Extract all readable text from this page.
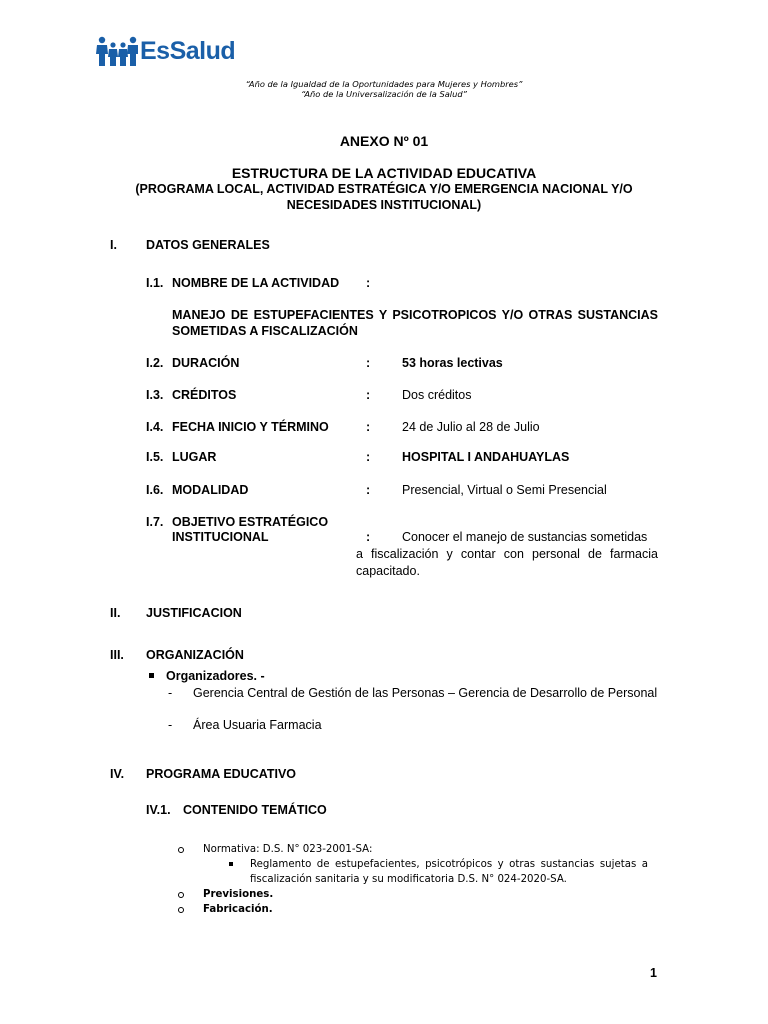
EsSalud
“Año de la Igualdad de la Oportunidades para Mujeres y Hombres”
“Año de la Universalización de la Salud”
ANEXO Nº 01
ESTRUCTURA DE LA ACTIVIDAD EDUCATIVA
(PROGRAMA LOCAL, ACTIVIDAD ESTRATÉGICA Y/O EMERGENCIA NACIONAL Y/O NECESIDADES INSTITUCIONAL)
I. DATOS GENERALES
I.1. NOMBRE DE LA ACTIVIDAD :
MANEJO DE ESTUPEFACIENTES Y PSICOTROPICOS Y/O OTRAS SUSTANCIAS SOMETIDAS A FISCALIZACIÓN
I.2. DURACIÓN	:	53 horas lectivas
I.3. CRÉDITOS	:	Dos créditos
I.4. FECHA INICIO Y TÉRMINO	:	24 de Julio al 28 de Julio
I.5. LUGAR	:	HOSPITAL I ANDAHUAYLAS
I.6. MODALIDAD	:	Presencial, Virtual o Semi Presencial
I.7. OBJETIVO ESTRATÉGICO
INSTITUCIONAL	:	Conocer el manejo de sustancias sometidas
a fiscalización y contar con personal de farmacia capacitado.
II. JUSTIFICACION
III. ORGANIZACIÓN
Organizadores. -
- Gerencia Central de Gestión de las Personas – Gerencia de Desarrollo de Personal
- Área Usuaria Farmacia
IV. PROGRAMA EDUCATIVO
IV.1. CONTENIDO TEMÁTICO
Normativa: D.S. N° 023-2001-SA:
Reglamento de estupefacientes, psicotrópicos y otras sustancias sujetas a fiscalización sanitaria y su modificatoria D.S. N° 024-2020-SA.
Previsiones.
Fabricación.
1
